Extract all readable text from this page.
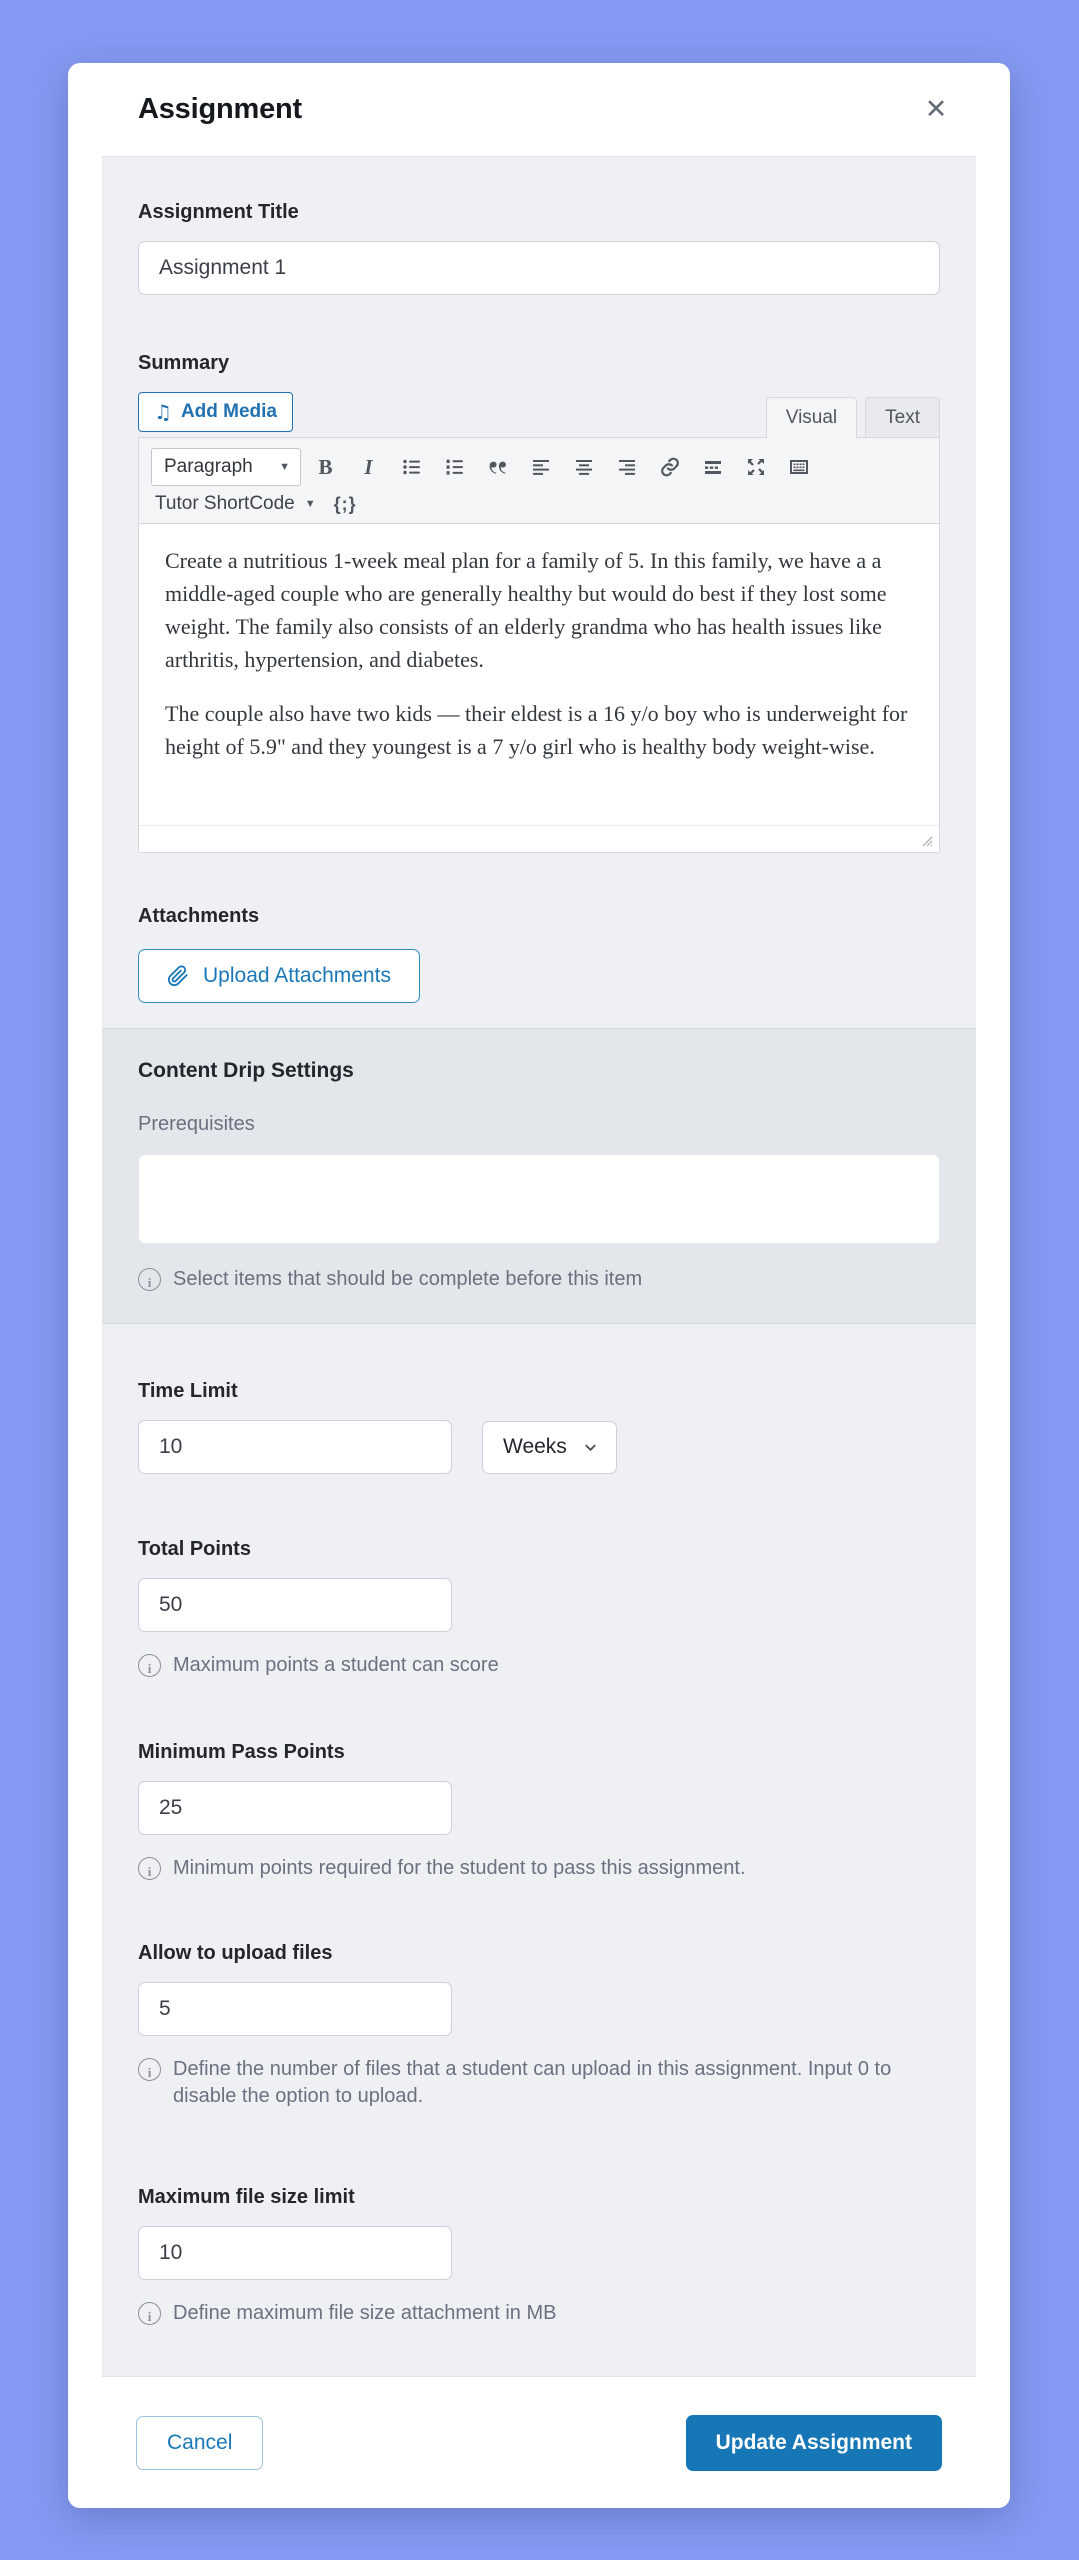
Assignment	✕
Assignment Title
Assignment 1
Summary
♫ Add Media	Visual	Text
Paragraph ▼ B I
Tutor ShortCode ▼ {;}

Create a nutritious 1-week meal plan for a family of 5. In this family, we have a a middle-aged couple who are generally healthy but would do best if they lost some weight. The family also consists of an elderly grandma who has health issues like arthritis, hypertension, and diabetes.

The couple also have two kids — their eldest is a 16 y/o boy who is underweight for height of 5.9" and they youngest is a 7 y/o girl who is healthy body weight-wise.

Attachments
Upload Attachments
Content Drip Settings
Prerequisites
i	Select items that should be complete before this item
Time Limit
10
Weeks
Total Points
50
i	Maximum points a student can score
Minimum Pass Points
25
i	Minimum points required for the student to pass this assignment.
Allow to upload files
5
i	Define the number of files that a student can upload in this assignment. Input 0 to disable the option to upload.
Maximum file size limit
10
i	Define maximum file size attachment in MB
Cancel	Update Assignment
